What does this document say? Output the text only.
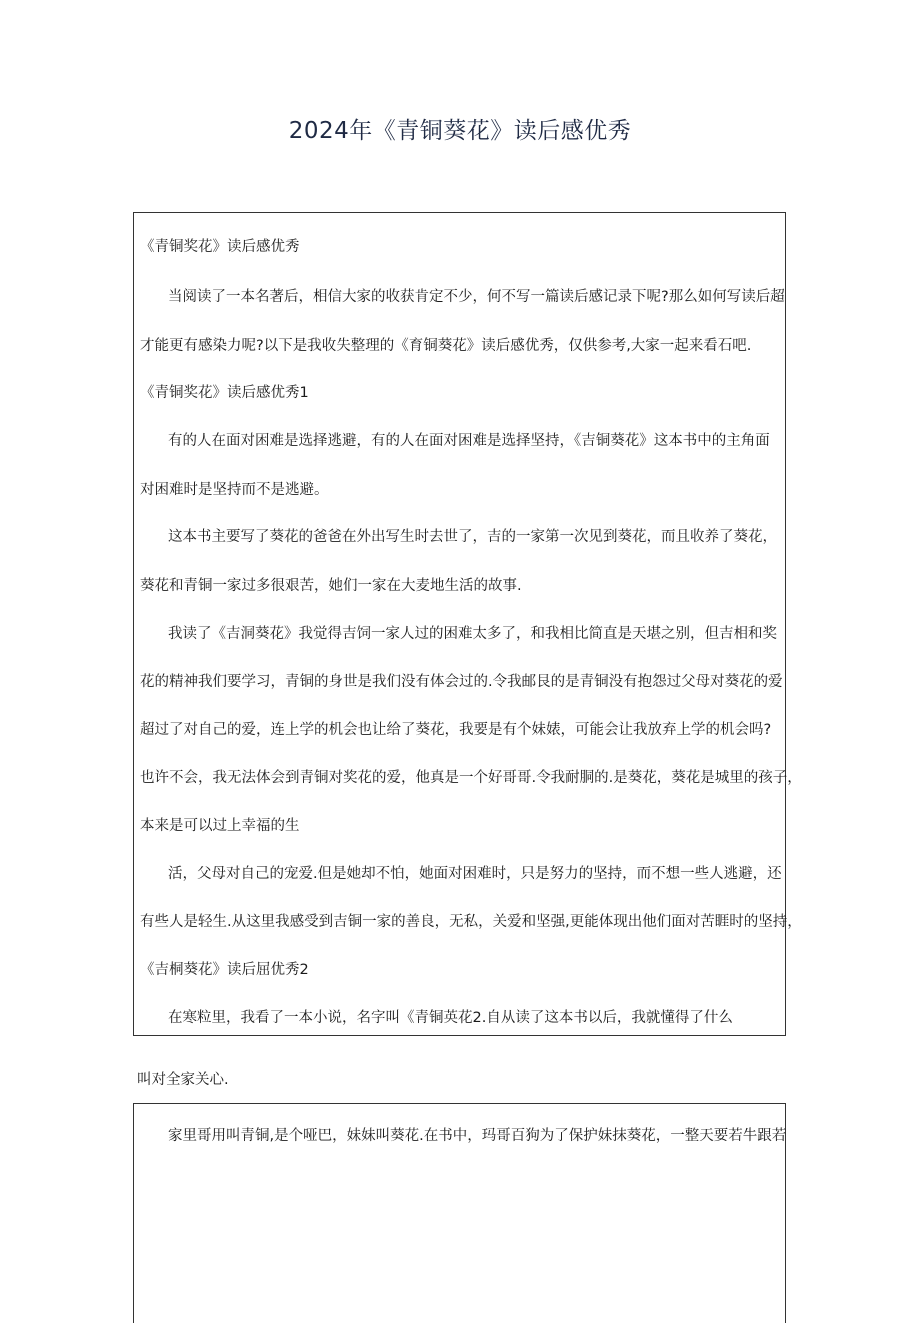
2024年《青铜葵花》读后感优秀
《青铜奖花》读后感优秀
当阅读了一本名著后，相信大家的收获肯定不少，何不写一篇读后感记录下呢?那么如何写读后超
才能更有感染力呢?以下是我收失整理的《育铜葵花》读后感优秀，仅供参考,大家一起来看石吧.
《青铜奖花》读后感优秀1
有的人在面对困难是选择逃避，有的人在面对困难是选择坚持，《吉铜葵花》这本书中的主角面
对困难时是坚持而不是逃避。
这本书主要写了葵花的爸爸在外出写生时去世了，吉的一家第一次见到葵花，而且收养了葵花，
葵花和青铜一家过多很艰苦，她们一家在大麦地生活的故事.
我读了《吉洞葵花》我觉得吉饲一家人过的困难太多了，和我相比简直是天堪之别，但吉相和奖
花的精神我们要学习，青铜的身世是我们没有体会过的.令我邮艮的是青铜没有抱怨过父母对葵花的爱
超过了对自己的爱，连上学的机会也让给了葵花，我要是有个妹婊，可能会让我放弃上学的机会吗?
也许不会，我无法体会到青铜对奖花的爱，他真是一个好哥哥.令我耐胴的.是葵花，葵花是城里的孩子，
本来是可以过上幸福的生
活，父母对自己的宠爱.但是她却不怕，她面对困难时，只是努力的坚持，而不想一些人逃避，还
有些人是轻生.从这里我感受到吉铜一家的善良，无私，关爱和坚强,更能体现出他们面对苦睚时的坚持，
《吉桐葵花》读后屈优秀2
在寒粒里，我看了一本小说，名字叫《青铜英花2.自从读了这本书以后，我就懂得了什么
叫对全家关心.
家里哥用叫青铜,是个哑巴，妹妹叫葵花.在书中，玛哥百狗为了保护妹抹葵花，一整天要若牛跟若
